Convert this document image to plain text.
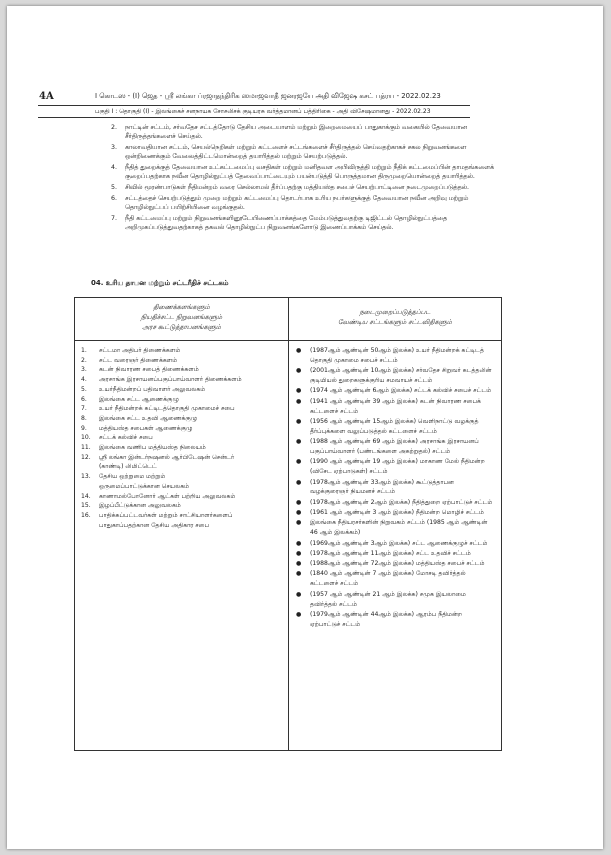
4A	I கொடஸ - (I) ஜெத - ஸ்ரீ லங்கா ப்ரஜாதந்திரிக ஸமாஜவாதீ ஜனரஜயே அதி விஜேஷ கசட் பத்ரய - 2022.02.23
பகுதி I : தொகுதி (I) - இலங்கைச் சனநாயக சோசலிசக் குடியரசு வர்த்தமானப் பத்திரிகை - அதி விசேஷமானது - 2022.02.23
2.	நாட்டின் சட்டம், சர்வதேச சட்டத்தோடு தேசிய அடையாளம் மற்றும் இறைமையைப் பாதுகாக்கும் வகையில் தேவையான சீர்திருத்தங்களைச் செய்தல்.
3.	காலாவதியான சட்டம், செயல்நெறிகள் மற்றும் கட்டளைச் சட்டங்களைச் சீர்திருத்தல் செய்வதற்காகச் சகல நிறுவனங்களை ஒன்றிணைக்கும் வேலைத்திட்டமொன்றைத் தயாரித்தல் மற்றும் செயற்படுத்தல்.
4.	நீதித் துறைக்குத் தேவையான உட்கட்டமைப்பு வசதிகள் மற்றும் மனிதவள அபிவிருத்தி மற்றும் நீதிக் கட்டமைப்பின் தாமதங்களைக் குறைப்பதற்காக நவீன தொழில்நுட்பத் தேவைப்பாட்டையும் பயன்படுத்தி பொருத்தமான திருமுறையொன்றைத் தயாரித்தல்.
5.	சிவில் மூரண்பாடுகள் நீதிமன்றம் வரை செல்லாமல் தீர்ப்பதற்கு மத்தியஸ்த சபைச் செயற்பாட்டினை நடைமுறைப்படுத்தல்.
6.	சட்டத்தைச் செயற்படுத்தும் முறை மற்றும் கட்டமைப்பு தொடர்பாக உரிய நபர்களுக்குத் தேவையான நவீன அறிவு மற்றும் தொழில்நுட்பப் பயிற்சியினை வழங்குதல்.
7.	நீதி கட்டமைப்பு மற்றும் நிறுவனங்களினூடேயிணைப்பாக்கத்தை மேம்படுத்துவதற்கு டிஜிட்டல் தொழில்நுட்பத்தை அறிமுகப்படுத்துவதற்காகத் தகவல் தொழில்நுட்ப நிறுவனங்களோடு இணைப்பாக்கம் செய்தல்.
04. உரிய தாபன மற்றும் சட்டரீதிச் சட்டகம்
திணைக்களங்களும்
நியதிச்சட்ட நிறுவனங்களும்
அரச கூட்டுத்தாபனங்களும்
நடைமுறைப்படுத்தப்பட
வேண்டிய சட்டங்களும் சட்டவிதிகளும்
1.	சட்டமா அதிபர் திணைக்களம்
2.	சட்ட வரைஞர் திணைக்களம்
3.	கடன் நிவாரண சபைத் திணைக்களம்
4.	அரசாங்க இரசாயனப்பகுப்பாய்வாளர் திணைக்களம்
5.	உயர்நீதிமன்றப் பதிவாளர் அலுவலகம்
6.	இலங்கை சட்ட ஆணைக்குழு
7.	உயர் நீதிமன்றக் கட்டிடத்தொகுதி முகாமைச் சபை
8.	இலங்கை சட்ட உதவி ஆணைக்குழு
9.	மத்தியஸ்த சபைகள் ஆணைக்குழு
10.	சட்டக் கல்விச் சபை
11.	இலங்கை வணிப மத்தியஸ்த நிலையம்
12.	ஸ்ரீ லங்கா இன்டர்நஷனல் ஆர்பிடேஷன் சென்டர்
(காண்டி) லிமிட்டெட்
13.	தேசிய ஒற்றுமை மற்றும்
ஒருமைப்பாட்டுக்கான செயலகம்
14.	காணாமல்போனோர் ஆட்கள் பற்றிய அலுவலகம்
15.	இழப்பீட்டுக்கான அலுவலகம்
16.	பாதிக்கப்பட்டவர்கள் மற்றும் சாட்சியாளர்களைப்
பாதுகாப்பதற்கான தேசிய அதிகார சபை
●	(1987ஆம் ஆண்டின் 50ஆம் இலக்க) உயர் நீதிமன்றக் கட்டிடத் தொகுதி முகாமை சபைச் சட்டம்
●	(2001ஆம் ஆண்டின் 10ஆம் இலக்க) சர்வதேச சிறுவர் கடத்தலின் குடியியல் துறைகளுக்குரிய சமவாயச் சட்டம்
●	(1974 ஆம் ஆண்டின் 6ஆம் இலக்க) சட்டக் கல்விச் சபைச் சட்டம்
●	(1941 ஆம் ஆண்டின் 39 ஆம் இலக்க) கடன் நிவாரண சபைக் கட்டளைச் சட்டம்
●	(1956 ஆம் ஆண்டின் 15ஆம் இலக்க) வெளிநாட்டு வழக்குத் தீர்ப்புக்களை வலுப்படுத்தல் கட்டளைச் சட்டம்
●	(1988 ஆம் ஆண்டின் 69 ஆம் இலக்க) அரசாங்க இரசாயனப் பகுப்பாய்வாளர் (பண்டங்களை அகற்றுதல்) சட்டம்
●	(1990 ஆம் ஆண்டின் 19 ஆம் இலக்க) மாகாண மேல் நீதிமன்ற (விசேட ஏற்பாடுகள்) சட்டம்
●	(1978ஆம் ஆண்டின் 33ஆம் இலக்க) கூட்டுத்தாபன வழக்குரைஞர் நியமனச் சட்டம்
●	(1978ஆம் ஆண்டின் 2ஆம் இலக்க) நீதித்துறை ஏற்பாட்டுச் சட்டம்
●	(1961 ஆம் ஆண்டின் 3 ஆம் இலக்க) நீதிமன்ற மொழிச் சட்டம்
●	இலங்கை நீதியரசர்களின் நிறுவகம் சட்டம் (1985 ஆம் ஆண்டின் 46 ஆம் இலக்கம்)
●	(1969ஆம் ஆண்டின் 3ஆம் இலக்க) சட்ட ஆணைக்குழுச் சட்டம்
●	(1978ஆம் ஆண்டின் 11ஆம் இலக்க) சட்ட உதவிச் சட்டம்
●	(1988ஆம் ஆண்டின் 72ஆம் இலக்க) மத்தியஸ்த சபைச் சட்டம்
●	(1840 ஆம் ஆண்டின் 7 ஆம் இலக்க) மோசடி தவிர்த்தல் கட்டளைச் சட்டம்
●	(1957 ஆம் ஆண்டின் 21 ஆம் இலக்க) சமுக இயலாமை தவிர்த்தல் சட்டம்
●	(1979ஆம் ஆண்டின் 44ஆம் இலக்க) ஆரம்ப நீதிமன்ற ஏற்பாட்டுச் சட்டம்
